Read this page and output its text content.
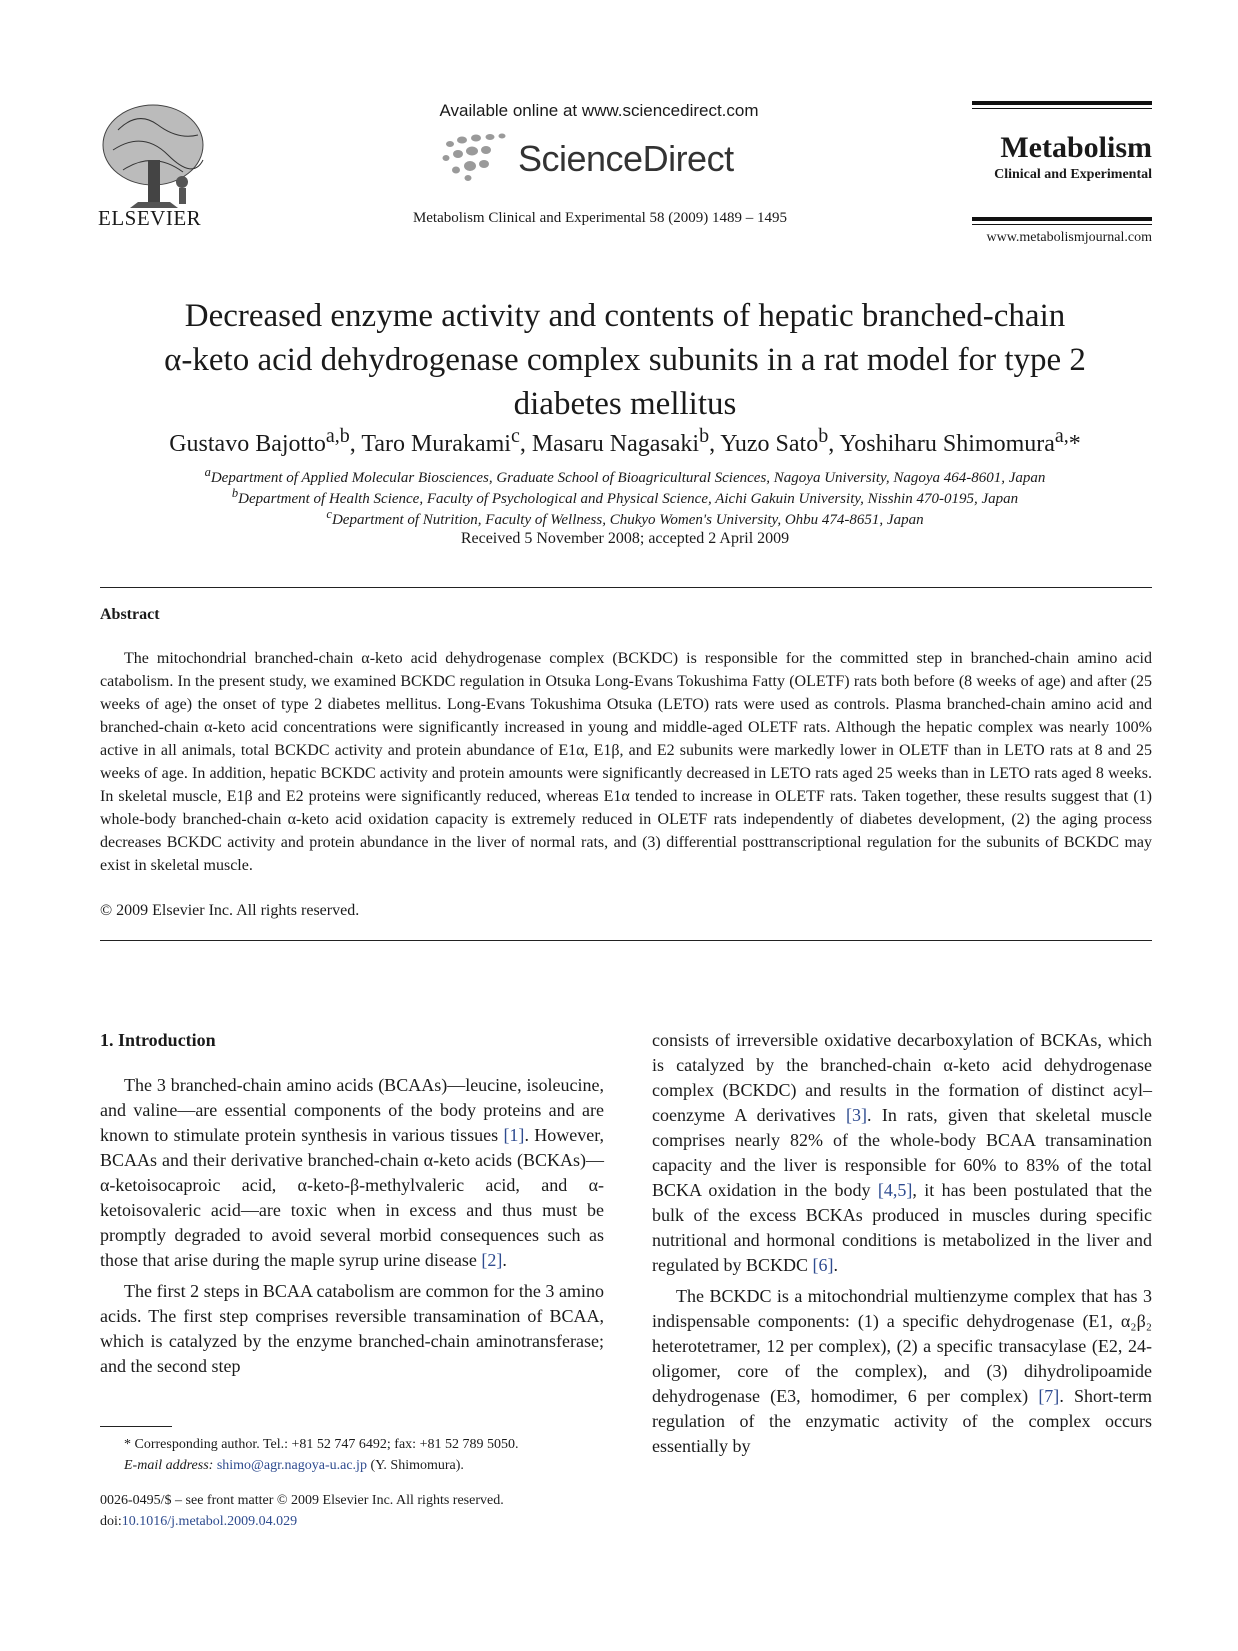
ELSEVIER
Available online at www.sciencedirect.com
ScienceDirect
Metabolism Clinical and Experimental 58 (2009) 1489 – 1495
Metabolism
Clinical and Experimental
www.metabolismjournal.com
Decreased enzyme activity and contents of hepatic branched-chain
α-keto acid dehydrogenase complex subunits in a rat model for type 2
diabetes mellitus
Gustavo Bajotto$^{a,b}$, Taro Murakami$^c$, Masaru Nagasaki$^b$, Yuzo Sato$^b$, Yoshiharu Shimomura$^{a,}$*
$^a$Department of Applied Molecular Biosciences, Graduate School of Bioagricultural Sciences, Nagoya University, Nagoya 464-8601, Japan
$^b$Department of Health Science, Faculty of Psychological and Physical Science, Aichi Gakuin University, Nisshin 470-0195, Japan
$^c$Department of Nutrition, Faculty of Wellness, Chukyo Women's University, Ohbu 474-8651, Japan
Received 5 November 2008; accepted 2 April 2009
Abstract
The mitochondrial branched-chain α-keto acid dehydrogenase complex (BCKDC) is responsible for the committed step in branched-chain amino acid catabolism. In the present study, we examined BCKDC regulation in Otsuka Long-Evans Tokushima Fatty (OLETF) rats both before (8 weeks of age) and after (25 weeks of age) the onset of type 2 diabetes mellitus. Long-Evans Tokushima Otsuka (LETO) rats were used as controls. Plasma branched-chain amino acid and branched-chain α-keto acid concentrations were significantly increased in young and middle-aged OLETF rats. Although the hepatic complex was nearly 100% active in all animals, total BCKDC activity and protein abundance of E1α, E1β, and E2 subunits were markedly lower in OLETF than in LETO rats at 8 and 25 weeks of age. In addition, hepatic BCKDC activity and protein amounts were significantly decreased in LETO rats aged 25 weeks than in LETO rats aged 8 weeks. In skeletal muscle, E1β and E2 proteins were significantly reduced, whereas E1α tended to increase in OLETF rats. Taken together, these results suggest that (1) whole-body branched-chain α-keto acid oxidation capacity is extremely reduced in OLETF rats independently of diabetes development, (2) the aging process decreases BCKDC activity and protein abundance in the liver of normal rats, and (3) differential posttranscriptional regulation for the subunits of BCKDC may exist in skeletal muscle.
© 2009 Elsevier Inc. All rights reserved.
1. Introduction

The 3 branched-chain amino acids (BCAAs)—leucine, isoleucine, and valine—are essential components of the body proteins and are known to stimulate protein synthesis in various tissues [1]. However, BCAAs and their derivative branched-chain α-keto acids (BCKAs)—α-ketoisocaproic acid, α-keto-β-methylvaleric acid, and α-ketoisovaleric acid—are toxic when in excess and thus must be promptly degraded to avoid several morbid consequences such as those that arise during the maple syrup urine disease [2].

The first 2 steps in BCAA catabolism are common for the 3 amino acids. The first step comprises reversible transamination of BCAA, which is catalyzed by the enzyme branched-chain aminotransferase; and the second step

consists of irreversible oxidative decarboxylation of BCKAs, which is catalyzed by the branched-chain α-keto acid dehydrogenase complex (BCKDC) and results in the formation of distinct acyl–coenzyme A derivatives [3]. In rats, given that skeletal muscle comprises nearly 82% of the whole-body BCAA transamination capacity and the liver is responsible for 60% to 83% of the total BCKA oxidation in the body [4,5], it has been postulated that the bulk of the excess BCKAs produced in muscles during specific nutritional and hormonal conditions is metabolized in the liver and regulated by BCKDC [6].

The BCKDC is a mitochondrial multienzyme complex that has 3 indispensable components: (1) a specific dehydrogenase (E1, α₂β₂ heterotetramer, 12 per complex), (2) a specific transacylase (E2, 24-oligomer, core of the complex), and (3) dihydrolipoamide dehydrogenase (E3, homodimer, 6 per complex) [7]. Short-term regulation of the enzymatic activity of the complex occurs essentially by

* Corresponding author. Tel.: +81 52 747 6492; fax: +81 52 789 5050.
E-mail address: shimo@agr.nagoya-u.ac.jp (Y. Shimomura).
0026-0495/$ – see front matter © 2009 Elsevier Inc. All rights reserved.
doi:10.1016/j.metabol.2009.04.029
